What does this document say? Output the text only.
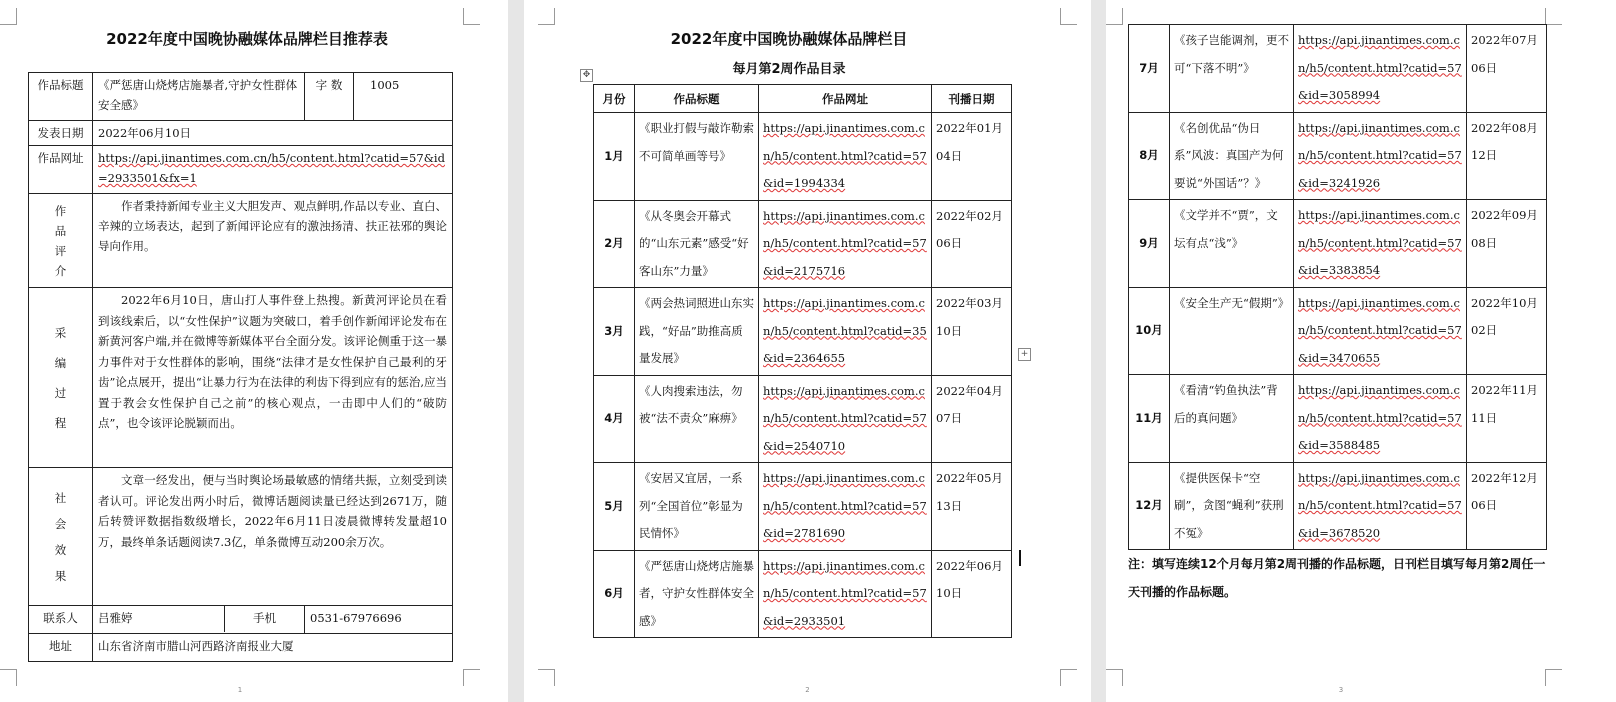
2022年度中国晚协融媒体品牌栏目推荐表
作品标题	《严惩唐山烧烤店施暴者,守护女性群体安全感》	字 数	1005
发表日期	2022年06月10日		
作品网址	https://api.jinantimes.com.cn/h5/content.html?catid=57&id=2933501&fx=1		

作品评介	作者秉持新闻专业主义大胆发声、观点鲜明,作品以专业、直白、辛辣的立场表达，起到了新闻评论应有的激浊扬清、扶正祛邪的舆论导向作用。		

采编过程	2022年6月10日，唐山打人事件登上热搜。新黄河评论员在看到该线索后，以“女性保护”议题为突破口，着手创作新闻评论发布在新黄河客户端,并在微博等新媒体平台全面分发。该评论侧重于这一暴力事件对于女性群体的影响，围绕“法律才是女性保护自己最利的牙齿”论点展开，提出“让暴力行为在法律的利齿下得到应有的惩治,应当置于教会女性保护自己之前”的核心观点，一击即中人们的“破防点”，也令该评论脱颖而出。		

社会效果	文章一经发出，便与当时舆论场最敏感的情绪共振，立刻受到读者认可。评论发出两小时后，微博话题阅读量已经达到2671万，随后转赞评数据指数级增长，2022年6月11日凌晨微博转发量超10万，最终单条话题阅读7.3亿，单条微博互动200余万次。		
联系人	吕雅婷 手机	0531-67976696	
地址	山东省济南市腊山河西路济南报业大厦		
1
2022年度中国晚协融媒体品牌栏目
每月第2周作品目录
✥
月份	作品标题	作品网址	刊播日期
1月	《职业打假与敲诈勒索不可简单画等号》	https://api.jinantimes.com.cn/h5/content.html?catid=57&id=1994334	2022年01月04日
2月	《从冬奥会开幕式的“山东元素”感受“好客山东”力量》	https://api.jinantimes.com.cn/h5/content.html?catid=57&id=2175716	2022年02月06日
3月	《两会热词照进山东实践，“好品”助推高质量发展》	https://api.jinantimes.com.cn/h5/content.html?catid=35&id=2364655	2022年03月10日
4月	《人肉搜索违法，勿被“法不责众”麻痹》	https://api.jinantimes.com.cn/h5/content.html?catid=57&id=2540710	2022年04月07日
5月	《安居又宜居，一系列“全国首位”彰显为民情怀》	https://api.jinantimes.com.cn/h5/content.html?catid=57&id=2781690	2022年05月13日
6月	《严惩唐山烧烤店施暴者，守护女性群体安全感》	https://api.jinantimes.com.cn/h5/content.html?catid=57&id=2933501	2022年06月10日
2
7月	《孩子岂能调剂，更不可“下落不明”》	https://api.jinantimes.com.cn/h5/content.html?catid=57&id=3058994	2022年07月06日
8月	《名创优品“伪日系”风波：真国产为何要说“外国话”？》	https://api.jinantimes.com.cn/h5/content.html?catid=57&id=3241926	2022年08月12日
9月	《文学并不“贾”，文坛有点“浅”》	https://api.jinantimes.com.cn/h5/content.html?catid=57&id=3383854	2022年09月08日
10月	《安全生产无“假期”》	https://api.jinantimes.com.cn/h5/content.html?catid=57&id=3470655	2022年10月02日
11月	《看清“钓鱼执法”背后的真问题》	https://api.jinantimes.com.cn/h5/content.html?catid=57&id=3588485	2022年11月11日
12月	《提供医保卡“空刷”，贪图“蝇利”获刑不冤》	https://api.jinantimes.com.cn/h5/content.html?catid=57&id=3678520	2022年12月06日
注：填写连续12个月每月第2周刊播的作品标题，日刊栏目填写每月第2周任一天刊播的作品标题。
3
+
